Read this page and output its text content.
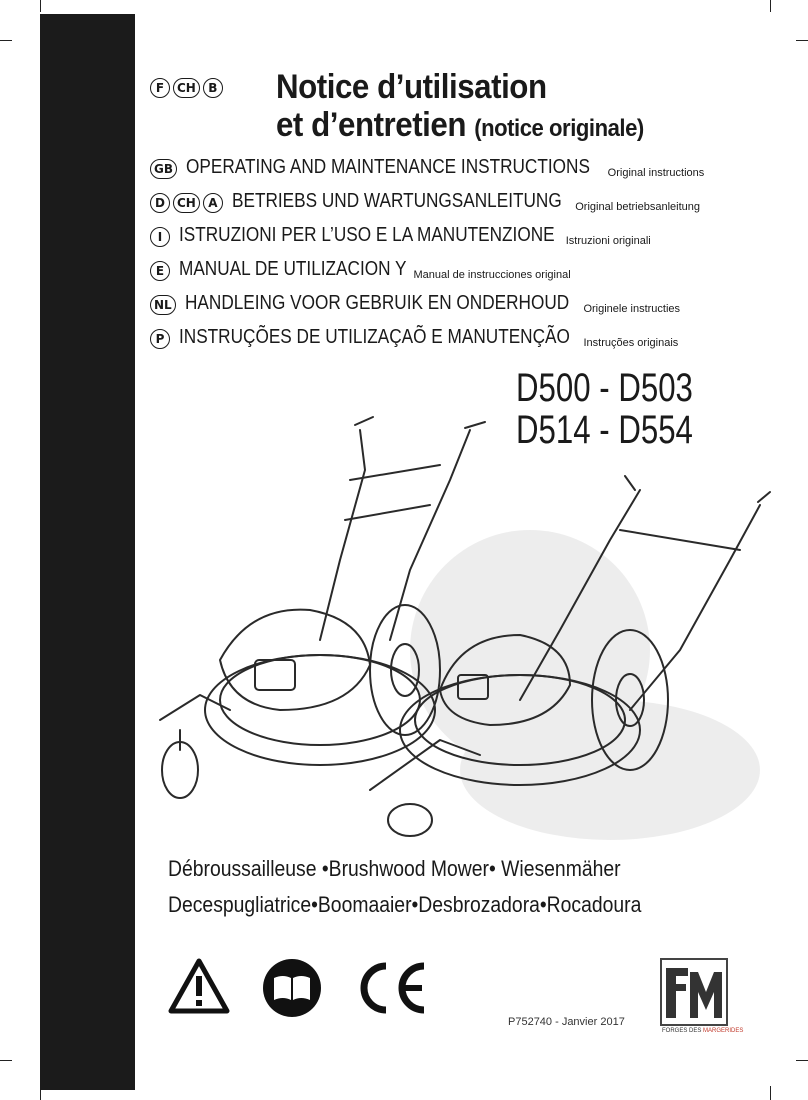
F CH B Notice d’utilisation
et d’entretien (notice originale)
GB OPERATING AND MAINTENANCE INSTRUCTIONS Original instructions
D	CH	A BETRIEBS UND WARTUNGSANLEITUNG Original betriebsanleitung
I ISTRUZIONI PER L’USO E LA MANUTENZIONE Istruzioni originali
E MANUAL DE UTILIZACION Y Manual de instrucciones original
NL HANDLEING VOOR GEBRUIK EN ONDERHOUD Originele instructies
P INSTRUÇÕES DE UTILIZAÇAÕ E MANUTENÇÃO Instruções originais
D500 - D503
D514 - D554
Débroussailleuse •Brushwood Mower• Wiesenmäher
Decespugliatrice•Boomaaier•Desbrozadora•Rocadoura
P752740 - Janvier 2017
FORGES DES MARGERIDES
